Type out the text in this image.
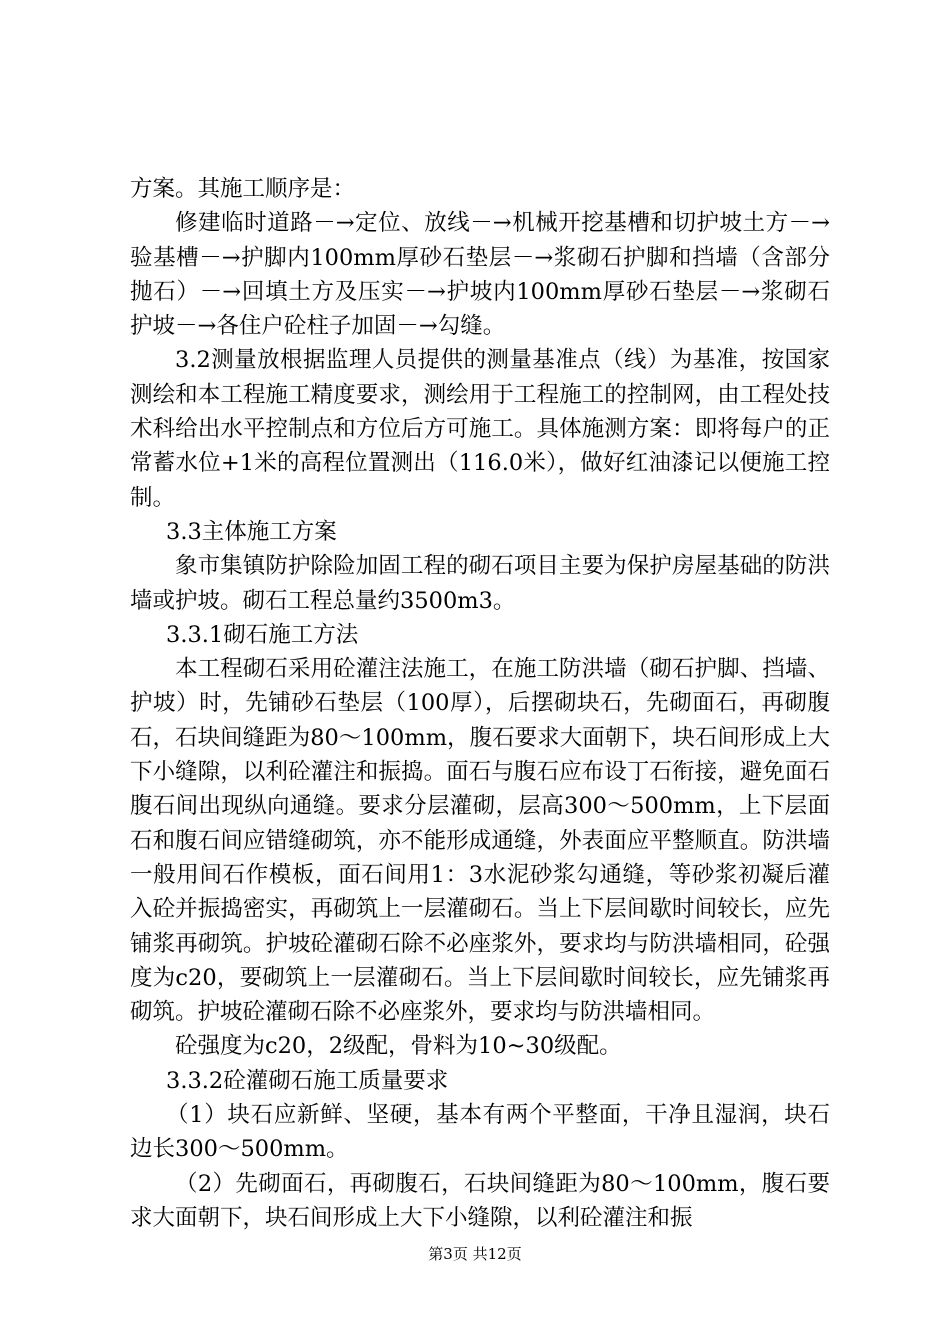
方案。其施工顺序是：

修建临时道路－→定位、放线－→机械开挖基槽和切护坡土方－→验基槽－→护脚内100mm厚砂石垫层－→浆砌石护脚和挡墙（含部分抛石）－→回填土方及压实－→护坡内100mm厚砂石垫层－→浆砌石护坡－→各住户砼柱子加固－→勾缝。

3.2测量放根据监理人员提供的测量基准点（线）为基准，按国家测绘和本工程施工精度要求，测绘用于工程施工的控制网，由工程处技术科给出水平控制点和方位后方可施工。具体施测方案：即将每户的正常蓄水位+1米的高程位置测出（116.0米），做好红油漆记以便施工控制。

3.3主体施工方案

象市集镇防护除险加固工程的砌石项目主要为保护房屋基础的防洪墙或护坡。砌石工程总量约3500m3。

3.3.1砌石施工方法

本工程砌石采用砼灌注法施工，在施工防洪墙（砌石护脚、挡墙、护坡）时，先铺砂石垫层（100厚），后摆砌块石，先砌面石，再砌腹石，石块间缝距为80～100mm，腹石要求大面朝下，块石间形成上大下小缝隙，以利砼灌注和振捣。面石与腹石应布设丁石衔接，避免面石腹石间出现纵向通缝。要求分层灌砌，层高300～500mm，上下层面石和腹石间应错缝砌筑，亦不能形成通缝，外表面应平整顺直。防洪墙一般用间石作模板，面石间用1：3水泥砂浆勾通缝，等砂浆初凝后灌入砼并振捣密实，再砌筑上一层灌砌石。当上下层间歇时间较长，应先铺浆再砌筑。护坡砼灌砌石除不必座浆外，要求均与防洪墙相同，砼强度为c20，要砌筑上一层灌砌石。当上下层间歇时间较长，应先铺浆再砌筑。护坡砼灌砌石除不必座浆外，要求均与防洪墙相同。

砼强度为c20，2级配，骨料为10~30级配。

3.3.2砼灌砌石施工质量要求

（1）块石应新鲜、坚硬，基本有两个平整面，干净且湿润，块石边长300～500mm。

（2）先砌面石，再砌腹石，石块间缝距为80～100mm，腹石要求大面朝下，块石间形成上大下小缝隙，以利砼灌注和振

第3页 共12页
